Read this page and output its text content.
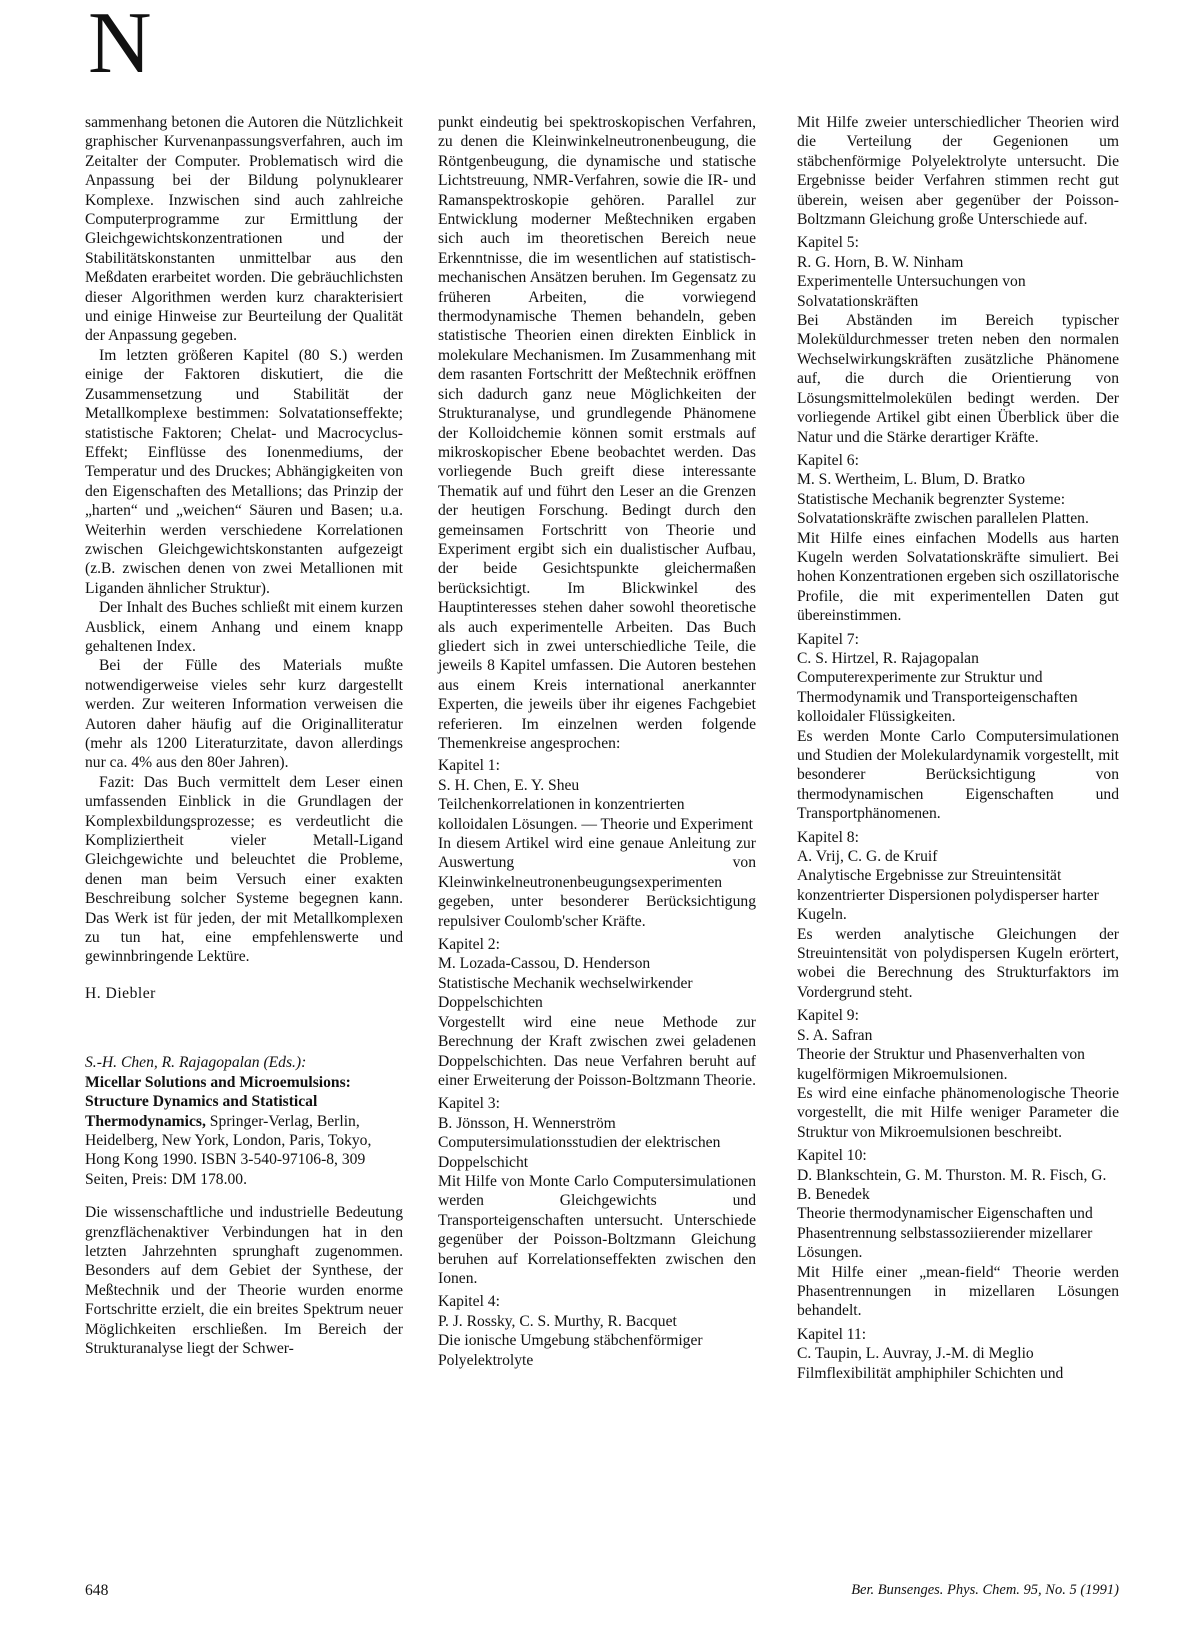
N

sammenhang betonen die Autoren die Nützlichkeit graphischer Kurvenanpassungsverfahren, auch im Zeitalter der Computer. Problematisch wird die Anpassung bei der Bildung polynuklearer Komplexe. Inzwischen sind auch zahlreiche Computerprogramme zur Ermittlung der Gleichgewichtskonzentrationen und der Stabilitätskonstanten unmittelbar aus den Meßdaten erarbeitet worden. Die gebräuchlichsten dieser Algorithmen werden kurz charakterisiert und einige Hinweise zur Beurteilung der Qualität der Anpassung gegeben.

Im letzten größeren Kapitel (80 S.) werden einige der Faktoren diskutiert, die die Zusammensetzung und Stabilität der Metallkomplexe bestimmen: Solvatationseffekte; statistische Faktoren; Chelat- und Macrocyclus-Effekt; Einflüsse des Ionenmediums, der Temperatur und des Druckes; Abhängigkeiten von den Eigenschaften des Metallions; das Prinzip der „harten“ und „weichen“ Säuren und Basen; u.a. Weiterhin werden verschiedene Korrelationen zwischen Gleichgewichtskonstanten aufgezeigt (z.B. zwischen denen von zwei Metallionen mit Liganden ähnlicher Struktur).

Der Inhalt des Buches schließt mit einem kurzen Ausblick, einem Anhang und einem knapp gehaltenen Index.

Bei der Fülle des Materials mußte notwendigerweise vieles sehr kurz dargestellt werden. Zur weiteren Information verweisen die Autoren daher häufig auf die Originalliteratur (mehr als 1200 Literaturzitate, davon allerdings nur ca. 4% aus den 80er Jahren).

Fazit: Das Buch vermittelt dem Leser einen umfassenden Einblick in die Grundlagen der Komplexbildungsprozesse; es verdeutlicht die Kompliziertheit vieler Metall-Ligand Gleichgewichte und beleuchtet die Probleme, denen man beim Versuch einer exakten Beschreibung solcher Systeme begegnen kann. Das Werk ist für jeden, der mit Metallkomplexen zu tun hat, eine empfehlenswerte und gewinnbringende Lektüre.

H. Diebler

S.-H. Chen, R. Rajagopalan (Eds.):

Micellar Solutions and Microemulsions: Structure Dynamics and Statistical Thermodynamics, Springer-Verlag, Berlin, Heidelberg, New York, London, Paris, Tokyo, Hong Kong 1990. ISBN 3-540-97106-8, 309 Seiten, Preis: DM 178.00.

Die wissenschaftliche und industrielle Bedeutung grenzflächenaktiver Verbindungen hat in den letzten Jahrzehnten sprunghaft zugenommen. Besonders auf dem Gebiet der Synthese, der Meßtechnik und der Theorie wurden enorme Fortschritte erzielt, die ein breites Spektrum neuer Möglichkeiten erschließen. Im Bereich der Strukturanalyse liegt der Schwer-

punkt eindeutig bei spektroskopischen Verfahren, zu denen die Kleinwinkelneutronenbeugung, die Röntgenbeugung, die dynamische und statische Lichtstreuung, NMR-Verfahren, sowie die IR- und Ramanspektroskopie gehören. Parallel zur Entwicklung moderner Meßtechniken ergaben sich auch im theoretischen Bereich neue Erkenntnisse, die im wesentlichen auf statistisch-mechanischen Ansätzen beruhen. Im Gegensatz zu früheren Arbeiten, die vorwiegend thermodynamische Themen behandeln, geben statistische Theorien einen direkten Einblick in molekulare Mechanismen. Im Zusammenhang mit dem rasanten Fortschritt der Meßtechnik eröffnen sich dadurch ganz neue Möglichkeiten der Strukturanalyse, und grundlegende Phänomene der Kolloidchemie können somit erstmals auf mikroskopischer Ebene beobachtet werden. Das vorliegende Buch greift diese interessante Thematik auf und führt den Leser an die Grenzen der heutigen Forschung. Bedingt durch den gemeinsamen Fortschritt von Theorie und Experiment ergibt sich ein dualistischer Aufbau, der beide Gesichtspunkte gleichermaßen berücksichtigt. Im Blickwinkel des Hauptinteresses stehen daher sowohl theoretische als auch experimentelle Arbeiten. Das Buch gliedert sich in zwei unterschiedliche Teile, die jeweils 8 Kapitel umfassen. Die Autoren bestehen aus einem Kreis international anerkannter Experten, die jeweils über ihr eigenes Fachgebiet referieren. Im einzelnen werden folgende Themenkreise angesprochen:

Kapitel 1:

S. H. Chen, E. Y. Sheu

Teilchenkorrelationen in konzentrierten kolloidalen Lösungen. — Theorie und Experiment

In diesem Artikel wird eine genaue Anleitung zur Auswertung von Kleinwinkelneutronenbeugungsexperimenten gegeben, unter besonderer Berücksichtigung repulsiver Coulomb'scher Kräfte.

Kapitel 2:

M. Lozada-Cassou, D. Henderson

Statistische Mechanik wechselwirkender Doppelschichten

Vorgestellt wird eine neue Methode zur Berechnung der Kraft zwischen zwei geladenen Doppelschichten. Das neue Verfahren beruht auf einer Erweiterung der Poisson-Boltzmann Theorie.

Kapitel 3:

B. Jönsson, H. Wennerström

Computersimulationsstudien der elektrischen Doppelschicht

Mit Hilfe von Monte Carlo Computersimulationen werden Gleichgewichts und Transporteigenschaften untersucht. Unterschiede gegenüber der Poisson-Boltzmann Gleichung beruhen auf Korrelationseffekten zwischen den Ionen.

Kapitel 4:

P. J. Rossky, C. S. Murthy, R. Bacquet

Die ionische Umgebung stäbchenförmiger Polyelektrolyte

Mit Hilfe zweier unterschiedlicher Theorien wird die Verteilung der Gegenionen um stäbchenförmige Polyelektrolyte untersucht. Die Ergebnisse beider Verfahren stimmen recht gut überein, weisen aber gegenüber der Poisson-Boltzmann Gleichung große Unterschiede auf.

Kapitel 5:

R. G. Horn, B. W. Ninham

Experimentelle Untersuchungen von Solvatationskräften

Bei Abständen im Bereich typischer Moleküldurchmesser treten neben den normalen Wechselwirkungskräften zusätzliche Phänomene auf, die durch die Orientierung von Lösungsmittelmolekülen bedingt werden. Der vorliegende Artikel gibt einen Überblick über die Natur und die Stärke derartiger Kräfte.

Kapitel 6:

M. S. Wertheim, L. Blum, D. Bratko

Statistische Mechanik begrenzter Systeme: Solvatationskräfte zwischen parallelen Platten.

Mit Hilfe eines einfachen Modells aus harten Kugeln werden Solvatationskräfte simuliert. Bei hohen Konzentrationen ergeben sich oszillatorische Profile, die mit experimentellen Daten gut übereinstimmen.

Kapitel 7:

C. S. Hirtzel, R. Rajagopalan

Computerexperimente zur Struktur und Thermodynamik und Transporteigenschaften kolloidaler Flüssigkeiten.

Es werden Monte Carlo Computersimulationen und Studien der Molekulardynamik vorgestellt, mit besonderer Berücksichtigung von thermodynamischen Eigenschaften und Transportphänomenen.

Kapitel 8:

A. Vrij, C. G. de Kruif

Analytische Ergebnisse zur Streuintensität konzentrierter Dispersionen polydisperser harter Kugeln.

Es werden analytische Gleichungen der Streuintensität von polydispersen Kugeln erörtert, wobei die Berechnung des Strukturfaktors im Vordergrund steht.

Kapitel 9:

S. A. Safran

Theorie der Struktur und Phasenverhalten von kugelförmigen Mikroemulsionen.

Es wird eine einfache phänomenologische Theorie vorgestellt, die mit Hilfe weniger Parameter die Struktur von Mikroemulsionen beschreibt.

Kapitel 10:

D. Blankschtein, G. M. Thurston. M. R. Fisch, G. B. Benedek

Theorie thermodynamischer Eigenschaften und Phasentrennung selbstassoziierender mizellarer Lösungen.

Mit Hilfe einer „mean-field“ Theorie werden Phasentrennungen in mizellaren Lösungen behandelt.

Kapitel 11:

C. Taupin, L. Auvray, J.-M. di Meglio

Filmflexibilität amphiphiler Schichten und

648	Ber. Bunsenges. Phys. Chem. 95, No. 5 (1991)
